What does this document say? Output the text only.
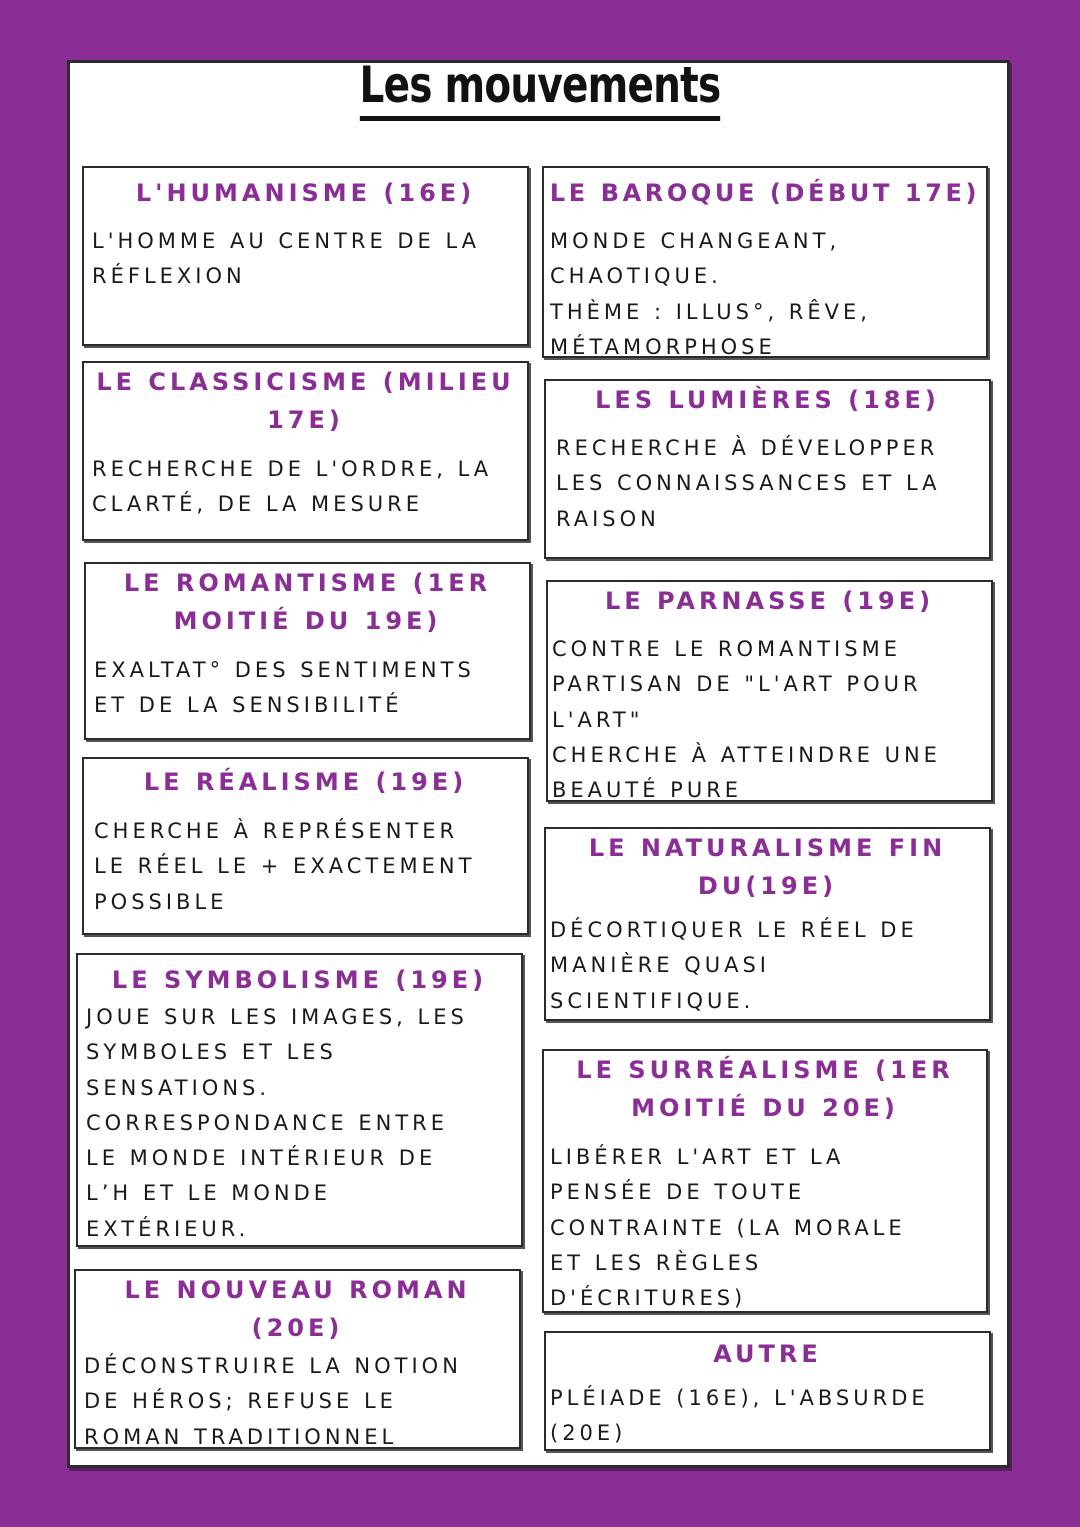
Les mouvements
L'HUMANISME (16E)

L'HOMME AU CENTRE DE LA
RÉFLEXION

LE CLASSICISME (MILIEU 17E)

RECHERCHE DE L'ORDRE, LA
CLARTÉ, DE LA MESURE

LE ROMANTISME (1ER MOITIÉ DU 19E)

EXALTAT° DES SENTIMENTS
ET DE LA SENSIBILITÉ

LE RÉALISME (19E)

CHERCHE À REPRÉSENTER
LE RÉEL LE + EXACTEMENT
POSSIBLE

LE SYMBOLISME (19E)

JOUE SUR LES IMAGES, LES
SYMBOLES ET LES
SENSATIONS.
CORRESPONDANCE ENTRE
LE MONDE INTÉRIEUR DE
L’H ET LE MONDE
EXTÉRIEUR.

LE NOUVEAU ROMAN (20E)

DÉCONSTRUIRE LA NOTION
DE HÉROS; REFUSE LE
ROMAN TRADITIONNEL

LE BAROQUE (DÉBUT 17E)

MONDE CHANGEANT,
CHAOTIQUE.
THÈME : ILLUS°, RÊVE,
MÉTAMORPHOSE

LES LUMIÈRES (18E)

RECHERCHE À DÉVELOPPER
LES CONNAISSANCES ET LA
RAISON

LE PARNASSE (19E)

CONTRE LE ROMANTISME
PARTISAN DE "L'ART POUR
L'ART"
CHERCHE À ATTEINDRE UNE
BEAUTÉ PURE

LE NATURALISME FIN DU(19E)

DÉCORTIQUER LE RÉEL DE
MANIÈRE QUASI
SCIENTIFIQUE.

LE SURRÉALISME (1ER MOITIÉ DU 20E)

LIBÉRER L'ART ET LA
PENSÉE DE TOUTE
CONTRAINTE (LA MORALE
ET LES RÈGLES
D'ÉCRITURES)

AUTRE

PLÉIADE (16E), L'ABSURDE
(20E)
